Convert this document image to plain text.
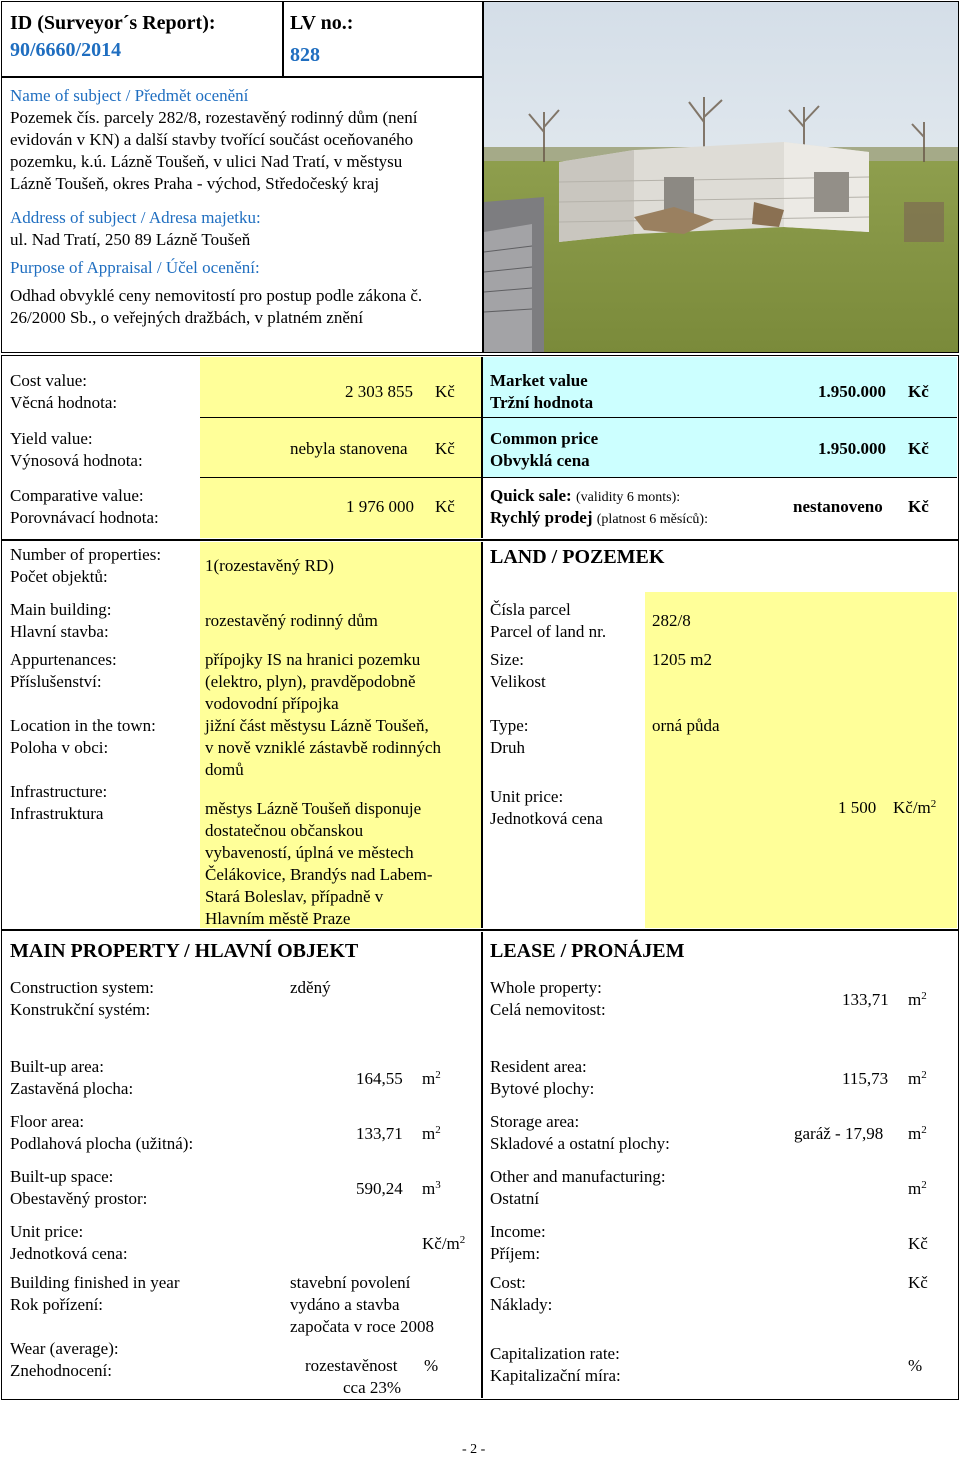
ID (Surveyor´s Report):
90/6660/2014
LV no.:
828
Name of subject / Předmět ocenění
Pozemek čís. parcely 282/8, rozestavěný rodinný dům (není
evidován v KN) a další stavby tvořící součást oceňovaného
pozemku, k.ú. Lázně Toušeň, v ulici Nad Tratí, v městysu
Lázně Toušeň, okres Praha - východ, Středočeský kraj
Address of subject / Adresa majetku:
ul. Nad Tratí, 250 89 Lázně Toušeň
Purpose of Appraisal / Účel ocenění:
Odhad obvyklé ceny nemovitostí pro postup podle zákona č.
26/2000 Sb., o veřejných dražbách, v platném znění
Cost value:
Věcná hodnota:
2 303 855 Kč
Yield value:
Výnosová hodnota:
nebyla stanovena Kč
Comparative value:
Porovnávací hodnota:
1 976 000 Kč
Market value
Tržní hodnota
1.950.000 Kč
Common price
Obvyklá cena
1.950.000 Kč
Quick sale: (validity 6 monts):
Rychlý prodej (platnost 6 měsíců):
nestanoveno Kč
Number of properties:
Počet objektů:
1(rozestavěný RD)
Main building:
Hlavní stavba:
rozestavěný rodinný dům
Appurtenances:
Příslušenství:
přípojky IS na hranici pozemku
(elektro, plyn), pravděpodobně
vodovodní přípojka
Location in the town:
Poloha v obci:
jižní část městysu Lázně Toušeň,
v nově vzniklé zástavbě rodinných
domů
Infrastructure:
Infrastruktura	městys Lázně Toušeň disponuje
dostatečnou občanskou
vybaveností, úplná ve městech
Čelákovice, Brandýs nad Labem-
Stará Boleslav, případně v
Hlavním městě Praze
LAND / POZEMEK
Čísla parcel
Parcel of land nr.
282/8
Size:
Velikost
1205 m2
Type:
Druh
orná půda
Unit price:
Jednotková cena
1 500 $Kč/m^2$
MAIN PROPERTY / HLAVNÍ OBJEKT
Construction system:
Konstrukční systém:
zděný
Built-up area:
Zastavěná plocha:
164,55 $m^2$
Floor area:
Podlahová plocha (užitná):
133,71 $m^2$
Built-up space:
Obestavěný prostor:
590,24 $m^3$
Unit price:
Jednotková cena:
$Kč/m^2$
Building finished in year
Rok pořízení:
stavební povolení
vydáno a stavba
započata v roce 2008
Wear (average):
Znehodnocení:	rozestavěnost
cca 23%
%
LEASE / PRONÁJEM
Whole property:
Celá nemovitost:
133,71 $m^2$
Resident area:
Bytové plochy:
115,73 $m^2$
Storage area:
Skladové a ostatní plochy:
garáž - 17,98 $m^2$
Other and manufacturing:
Ostatní
$m^2$
Income:
Příjem:
Kč
Cost:
Náklady:
Kč
Capitalization rate:
Kapitalizační míra:
%
- 2 -
